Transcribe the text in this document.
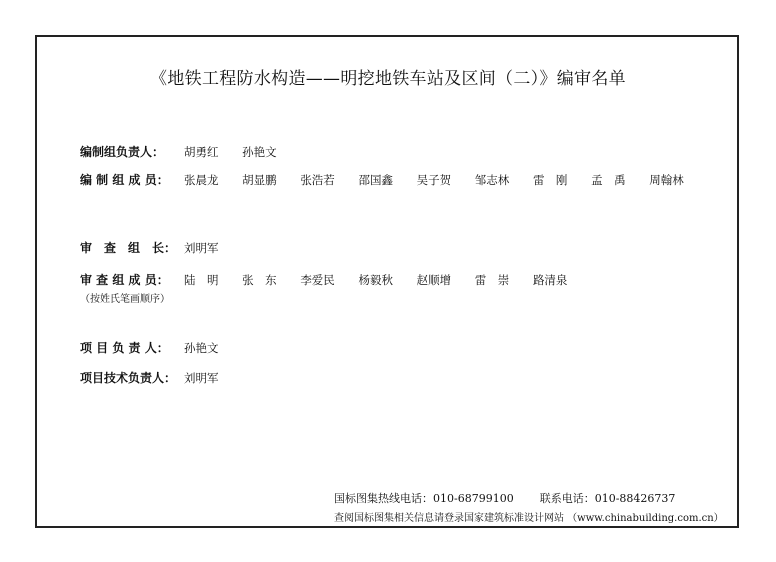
《地铁工程防水构造——明挖地铁车站及区间（二）》编审名单
编制组负责人： 胡勇红 孙艳文
编 制 组 成 员： 张晨龙 胡显鹏 张浩若 邵国鑫 吴子贺 邹志林 雷　刚 孟　禹 周翰林
审　查　组　长： 刘明军
审 查 组 成 员： 陆　明 张　东 李爱民 杨毅秋 赵顺增 雷　崇 路清泉
（按姓氏笔画顺序）
项 目 负 责 人： 孙艳文
项目技术负责人： 刘明军
国标图集热线电话：010-68799100 联系电话：010-88426737
查阅国标图集相关信息请登录国家建筑标准设计网站 （www.chinabuilding.com.cn）
